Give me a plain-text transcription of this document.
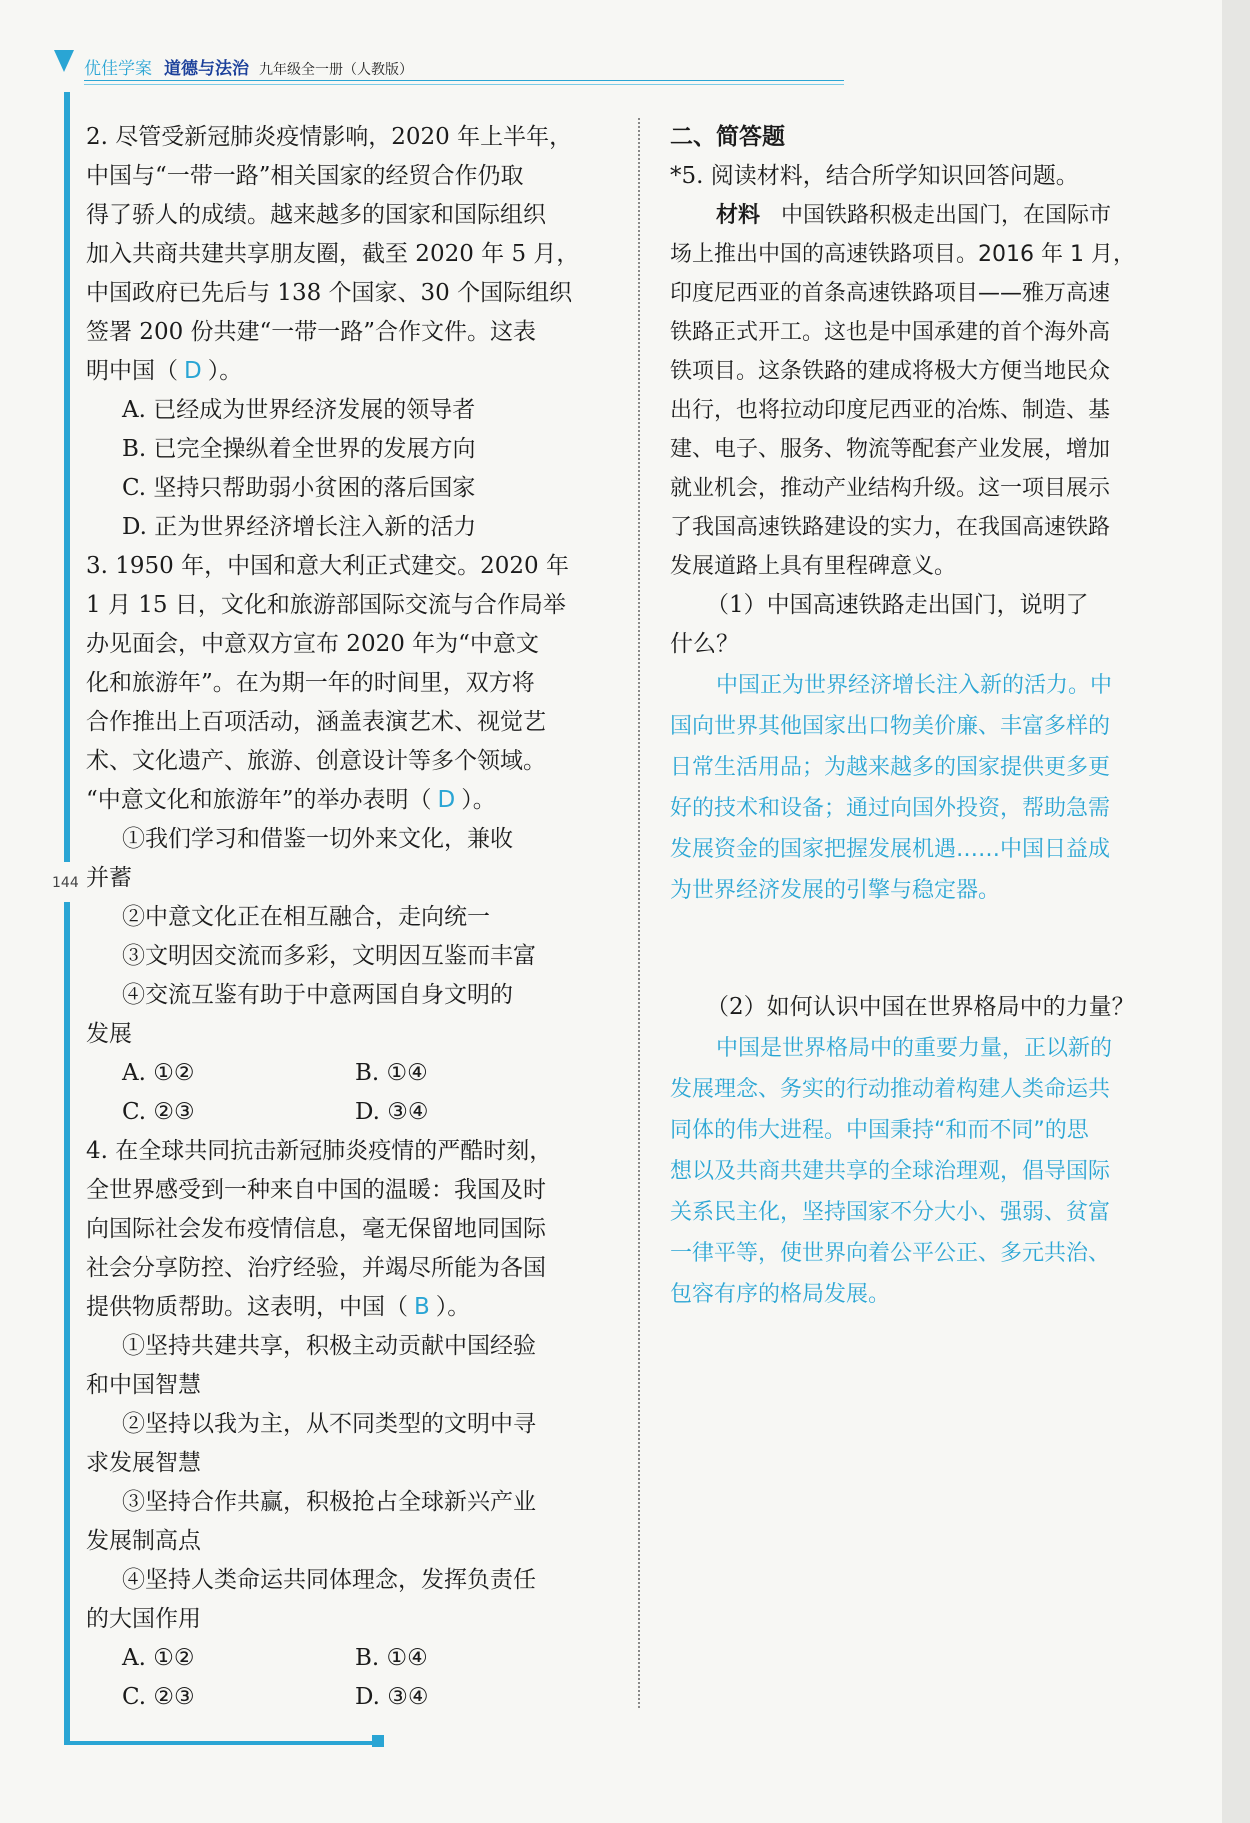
优佳学案 道德与法治 九年级全一册（人教版）
144

2. 尽管受新冠肺炎疫情影响，2020 年上半年，

中国与“一带一路”相关国家的经贸合作仍取

得了骄人的成绩。越来越多的国家和国际组织

加入共商共建共享朋友圈，截至 2020 年 5 月，

中国政府已先后与 138 个国家、30 个国际组织

签署 200 份共建“一带一路”合作文件。这表

明中国（ D ）。

A. 已经成为世界经济发展的领导者

B. 已完全操纵着全世界的发展方向

C. 坚持只帮助弱小贫困的落后国家

D. 正为世界经济增长注入新的活力

3. 1950 年，中国和意大利正式建交。2020 年

1 月 15 日，文化和旅游部国际交流与合作局举

办见面会，中意双方宣布 2020 年为“中意文

化和旅游年”。在为期一年的时间里，双方将

合作推出上百项活动，涵盖表演艺术、视觉艺

术、文化遗产、旅游、创意设计等多个领域。

“中意文化和旅游年”的举办表明（ D ）。

①我们学习和借鉴一切外来文化，兼收

并蓄

②中意文化正在相互融合，走向统一

③文明因交流而多彩，文明因互鉴而丰富

④交流互鉴有助于中意两国自身文明的

发展

A. ①②	B. ①④
C. ②③	D. ③④

4. 在全球共同抗击新冠肺炎疫情的严酷时刻，

全世界感受到一种来自中国的温暖：我国及时

向国际社会发布疫情信息，毫无保留地同国际

社会分享防控、治疗经验，并竭尽所能为各国

提供物质帮助。这表明，中国（ B ）。

①坚持共建共享，积极主动贡献中国经验

和中国智慧

②坚持以我为主，从不同类型的文明中寻

求发展智慧

③坚持合作共赢，积极抢占全球新兴产业

发展制高点

④坚持人类命运共同体理念，发挥负责任

的大国作用

A. ①②	B. ①④
C. ②③	D. ③④

二、简答题

*5. 阅读材料，结合所学知识回答问题。

材料 中国铁路积极走出国门，在国际市

场上推出中国的高速铁路项目。2016 年 1 月，

印度尼西亚的首条高速铁路项目——雅万高速

铁路正式开工。这也是中国承建的首个海外高

铁项目。这条铁路的建成将极大方便当地民众

出行，也将拉动印度尼西亚的冶炼、制造、基

建、电子、服务、物流等配套产业发展，增加

就业机会，推动产业结构升级。这一项目展示

了我国高速铁路建设的实力，在我国高速铁路

发展道路上具有里程碑意义。

（1）中国高速铁路走出国门，说明了

什么？

中国正为世界经济增长注入新的活力。中

国向世界其他国家出口物美价廉、丰富多样的

日常生活用品；为越来越多的国家提供更多更

好的技术和设备；通过向国外投资，帮助急需

发展资金的国家把握发展机遇……中国日益成

为世界经济发展的引擎与稳定器。

（2）如何认识中国在世界格局中的力量？

中国是世界格局中的重要力量，正以新的

发展理念、务实的行动推动着构建人类命运共

同体的伟大进程。中国秉持“和而不同”的思

想以及共商共建共享的全球治理观，倡导国际

关系民主化，坚持国家不分大小、强弱、贫富

一律平等，使世界向着公平公正、多元共治、

包容有序的格局发展。
